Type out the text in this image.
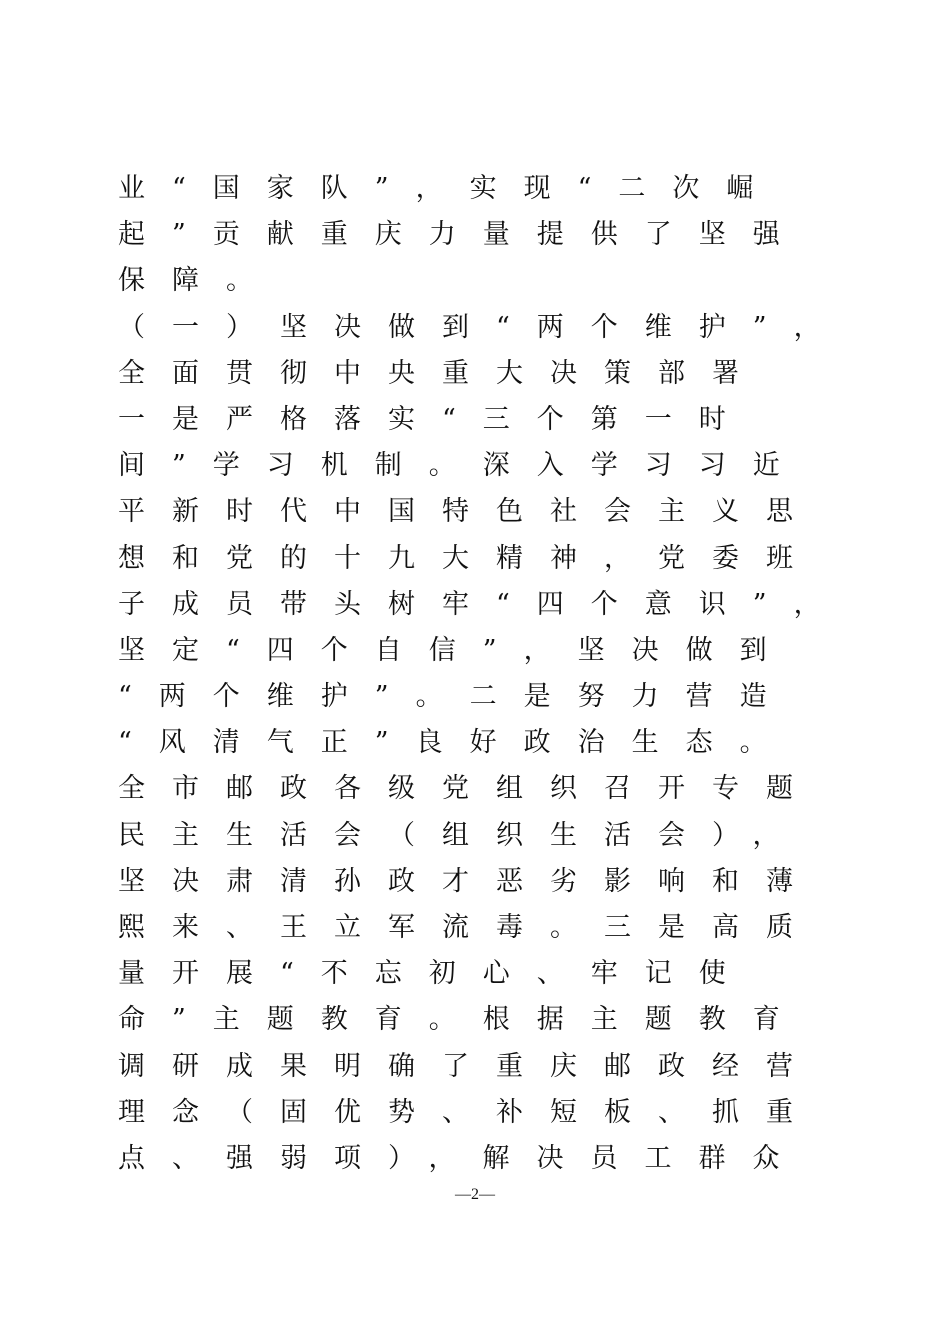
业“国家队”，实现“二次崛
起”贡献重庆力量提供了坚强
保障。
（一）坚决做到“两个维护”，
全面贯彻中央重大决策部署
一是严格落实“三个第一时
间”学习机制。深入学习习近
平新时代中国特色社会主义思
想和党的十九大精神，党委班
子成员带头树牢“四个意识”，
坚定“四个自信”，坚决做到
“两个维护”。二是努力营造
“风清气正”良好政治生态。
全市邮政各级党组织召开专题
民主生活会（组织生活会），
坚决肃清孙政才恶劣影响和薄
熙来、王立军流毒。三是高质
量开展“不忘初心、牢记使
命”主题教育。根据主题教育
调研成果明确了重庆邮政经营
理念（固优势、补短板、抓重
点、强弱项），解决员工群众
—2—
